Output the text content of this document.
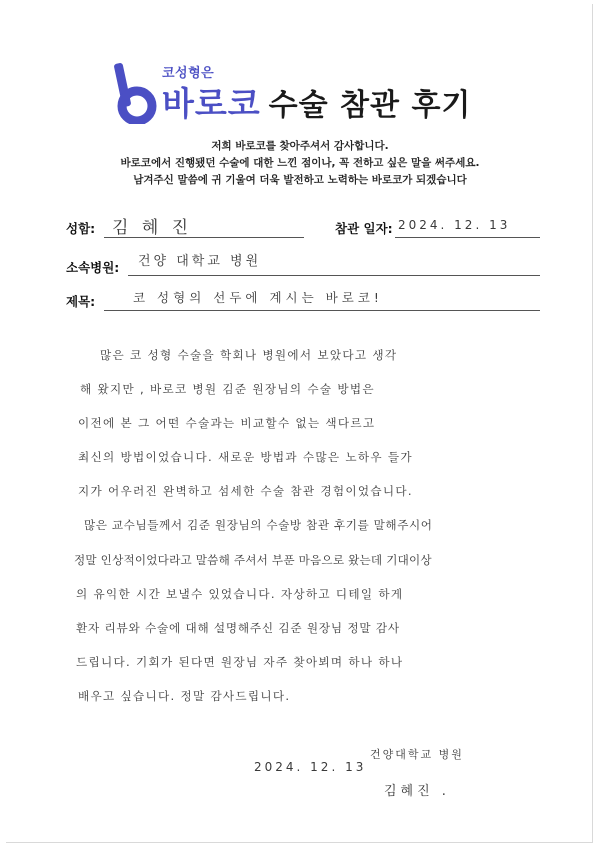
코성형은
바로코 수술 참관 후기
저희 바로코를 찾아주셔서 감사합니다.
바로코에서 진행됐던 수술에 대한 느낀 점이나, 꼭 전하고 싶은 말을 써주세요.
남겨주신 말씀에 귀 기울여 더욱 발전하고 노력하는 바로코가 되겠습니다
성함: 김 혜 진	참관 일자: 2024. 12. 13
소속병원: 건양 대학교 병원
제목:	코 성형의 선두에 계시는 바로코!
많은 코 성형 수술을 학회나 병원에서 보았다고 생각
해 왔지만 , 바로코 병원 김준 원장님의 수술 방법은
이전에 본 그 어떤 수술과는 비교할수 없는 색다르고
최신의 방법이었습니다. 새로운 방법과 수많은 노하우 들가
지가 어우러진 완벽하고 섬세한 수술 참관 경험이었습니다.
많은 교수님들께서 김준 원장님의 수술방 참관 후기를 말해주시어
정말 인상적이었다라고 말씀해 주셔서 부푼 마음으로 왔는데 기대이상
의 유익한 시간 보낼수 있었습니다. 자상하고 디테일 하게
환자 리뷰와 수술에 대해 설명해주신 김준 원장님 정말 감사
드립니다. 기회가 된다면 원장님 자주 찾아뵈며 하나 하나
배우고 싶습니다. 정말 감사드립니다.
건양대학교 병원
2024. 12. 13
김혜진 .
